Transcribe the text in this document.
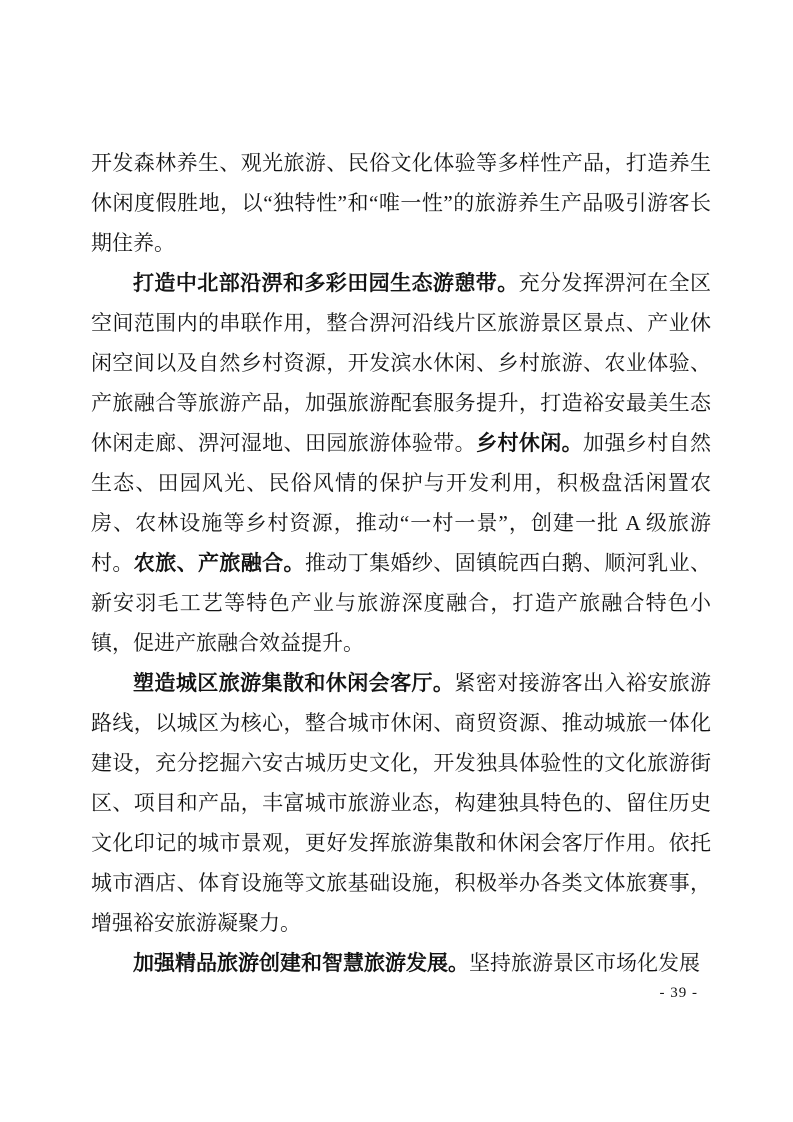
开发森林养生、观光旅游、民俗文化体验等多样性产品，打造养生休闲度假胜地，以“独特性”和“唯一性”的旅游养生产品吸引游客长期住养。

打造中北部沿淠和多彩田园生态游憩带。充分发挥淠河在全区空间范围内的串联作用，整合淠河沿线片区旅游景区景点、产业休闲空间以及自然乡村资源，开发滨水休闲、乡村旅游、农业体验、产旅融合等旅游产品，加强旅游配套服务提升，打造裕安最美生态休闲走廊、淠河湿地、田园旅游体验带。乡村休闲。加强乡村自然生态、田园风光、民俗风情的保护与开发利用，积极盘活闲置农房、农林设施等乡村资源，推动“一村一景”，创建一批 A 级旅游村。农旅、产旅融合。推动丁集婚纱、固镇皖西白鹅、顺河乳业、新安羽毛工艺等特色产业与旅游深度融合，打造产旅融合特色小镇，促进产旅融合效益提升。

塑造城区旅游集散和休闲会客厅。紧密对接游客出入裕安旅游路线，以城区为核心，整合城市休闲、商贸资源、推动城旅一体化建设，充分挖掘六安古城历史文化，开发独具体验性的文化旅游街区、项目和产品，丰富城市旅游业态，构建独具特色的、留住历史文化印记的城市景观，更好发挥旅游集散和休闲会客厅作用。依托城市酒店、体育设施等文旅基础设施，积极举办各类文体旅赛事，增强裕安旅游凝聚力。

加强精品旅游创建和智慧旅游发展。坚持旅游景区市场化发展

- 39 -
